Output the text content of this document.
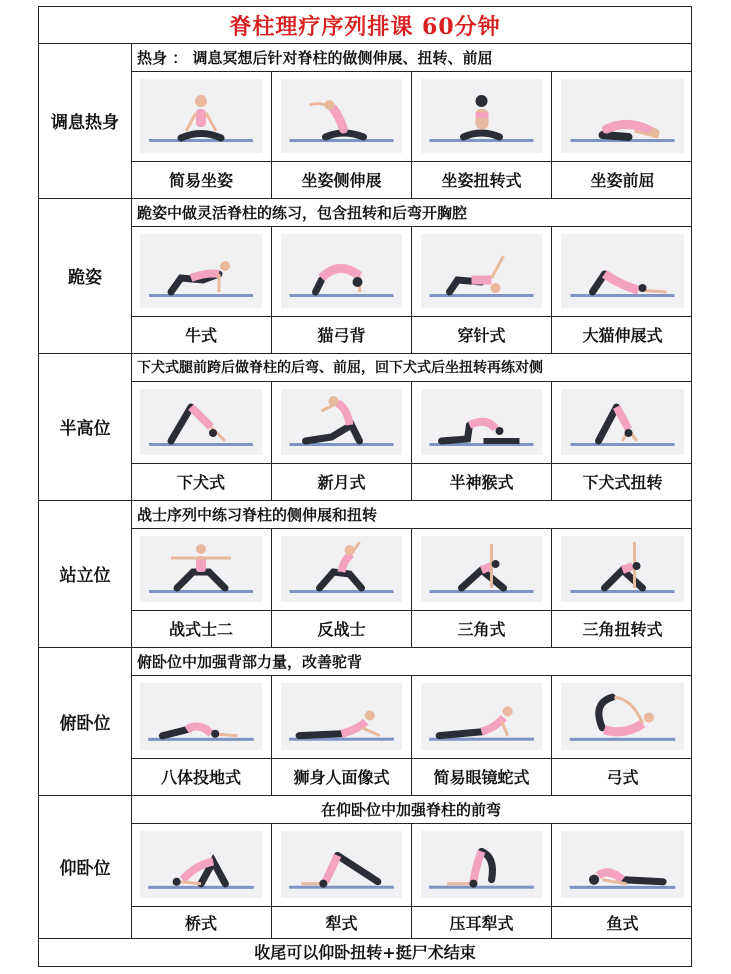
脊柱理疗序列排课 60分钟
调息热身
热身 ： 调息冥想后针对脊柱的做侧伸展、扭转、前屈
简易坐姿	坐姿侧伸展	坐姿扭转式	坐姿前屈
跪姿
跪姿中做灵活脊柱的练习，包含扭转和后弯开胸腔
牛式	猫弓背	穿针式	大猫伸展式
半高位
下犬式腿前跨后做脊柱的后弯、前屈，回下犬式后坐扭转再练对侧
下犬式	新月式	半神猴式	下犬式扭转
站立位
战士序列中练习脊柱的侧伸展和扭转
战式士二	反战士	三角式	三角扭转式
俯卧位
俯卧位中加强背部力量，改善驼背
八体投地式	狮身人面像式	简易眼镜蛇式	弓式
仰卧位
在仰卧位中加强脊柱的前弯
桥式	犁式	压耳犁式	鱼式
收尾可以仰卧扭转+挺尸术结束
